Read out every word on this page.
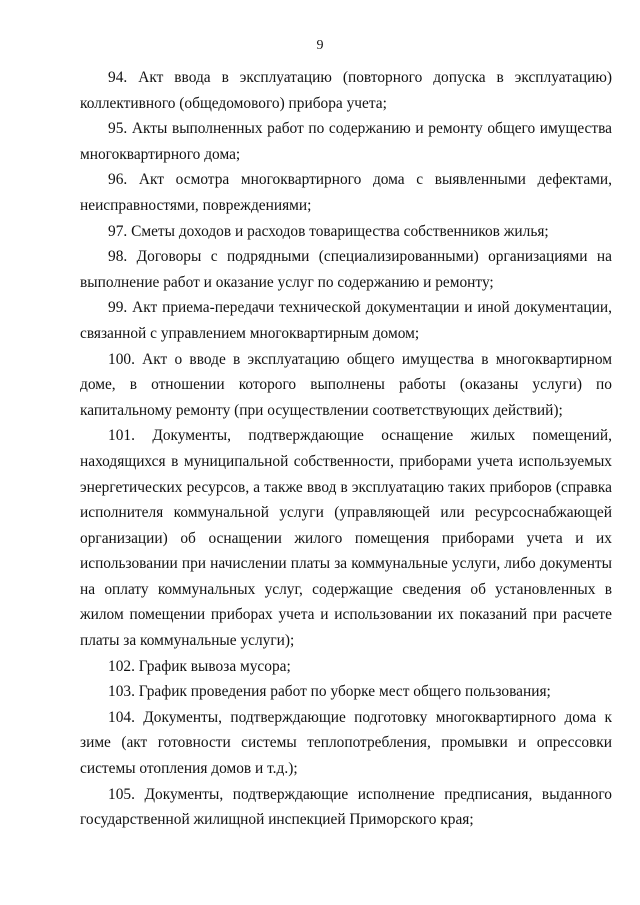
9

94. Акт ввода в эксплуатацию (повторного допуска в эксплуатацию) коллективного (общедомового) прибора учета;

95. Акты выполненных работ по содержанию и ремонту общего имущества многоквартирного дома;

96. Акт осмотра многоквартирного дома с выявленными дефектами, неисправностями, повреждениями;

97. Сметы доходов и расходов товарищества собственников жилья;

98. Договоры с подрядными (специализированными) организациями на выполнение работ и оказание услуг по содержанию и ремонту;

99. Акт приема-передачи технической документации и иной документации, связанной с управлением многоквартирным домом;

100. Акт о вводе в эксплуатацию общего имущества в многоквартирном доме, в отношении которого выполнены работы (оказаны услуги) по капитальному ремонту (при осуществлении соответствующих действий);

101. Документы, подтверждающие оснащение жилых помещений, находящихся в муниципальной собственности, приборами учета используемых энергетических ресурсов, а также ввод в эксплуатацию таких приборов (справка исполнителя коммунальной услуги (управляющей или ресурсоснабжающей организации) об оснащении жилого помещения приборами учета и их использовании при начислении платы за коммунальные услуги, либо документы на оплату коммунальных услуг, содержащие сведения об установленных в жилом помещении приборах учета и использовании их показаний при расчете платы за коммунальные услуги);

102. График вывоза мусора;

103. График проведения работ по уборке мест общего пользования;

104. Документы, подтверждающие подготовку многоквартирного дома к зиме (акт готовности системы теплопотребления, промывки и опрессовки системы отопления домов и т.д.);

105. Документы, подтверждающие исполнение предписания, выданного государственной жилищной инспекцией Приморского края;
